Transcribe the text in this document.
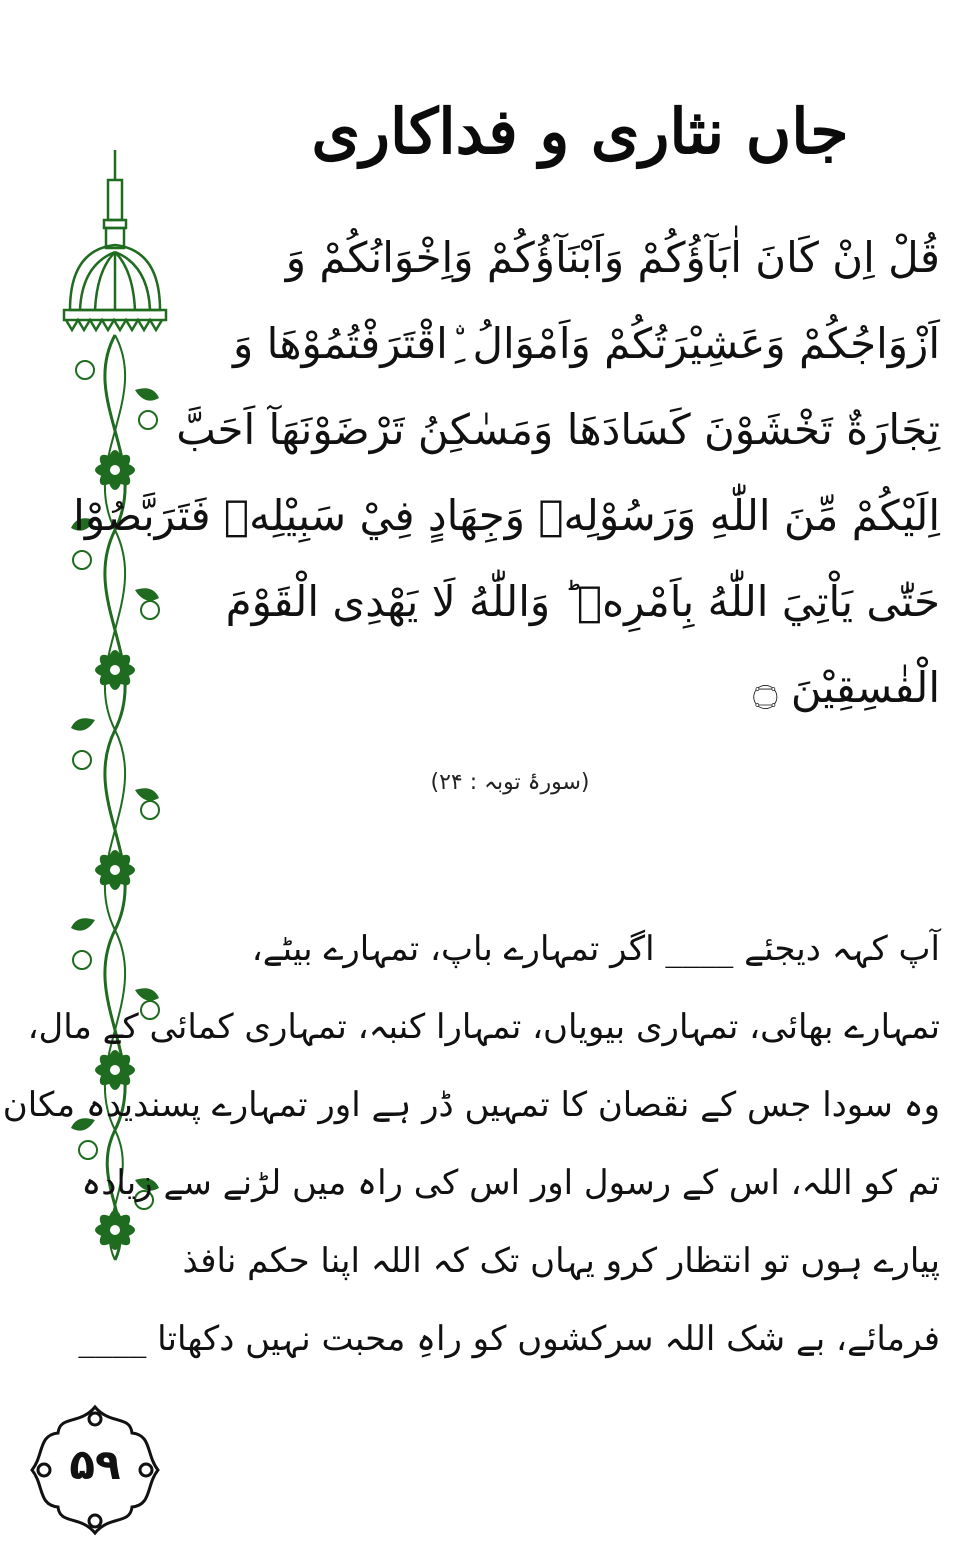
جاں نثاری و فداکاری
قُلْ اِنْ كَانَ اٰبَآؤُكُمْ وَاَبْنَآؤُكُمْ وَاِخْوَانُكُمْ وَ
اَزْوَاجُكُمْ وَعَشِيْرَتُكُمْ وَاَمْوَالُ ِۨاقْتَرَفْتُمُوْهَا وَ
تِجَارَةٌ تَخْشَوْنَ كَسَادَهَا وَمَسٰكِنُ تَرْضَوْنَهَآ اَحَبَّ
اِلَيْكُمْ مِّنَ اللّٰهِ وَرَسُوْلِهٖ وَجِهَادٍ فِيْ سَبِيْلِهٖ فَتَرَبَّصُوْا
حَتّٰى يَاْتِيَ اللّٰهُ بِاَمْرِهٖ ؕ وَاللّٰهُ لَا يَهْدِى الْقَوْمَ
الْفٰسِقِيْنَ ۝
(سورۂ توبہ : ۲۴)
آپ کہہ دیجئے ____ اگر تمہارے باپ، تمہارے بیٹے،
تمہارے بھائی، تمہاری بیویاں، تمہارا کنبہ، تمہاری کمائی کے مال،
وہ سودا جس کے نقصان کا تمہیں ڈر ہے اور تمہارے پسندیدہ مکان
تم کو اللہ، اس کے رسول اور اس کی راہ میں لڑنے سے زیادہ
پیارے ہوں تو انتظار کرو یہاں تک کہ اللہ اپنا حکم نافذ
فرمائے، بے شک اللہ سرکشوں کو راہِ محبت نہیں دکھاتا ____
۵۹
